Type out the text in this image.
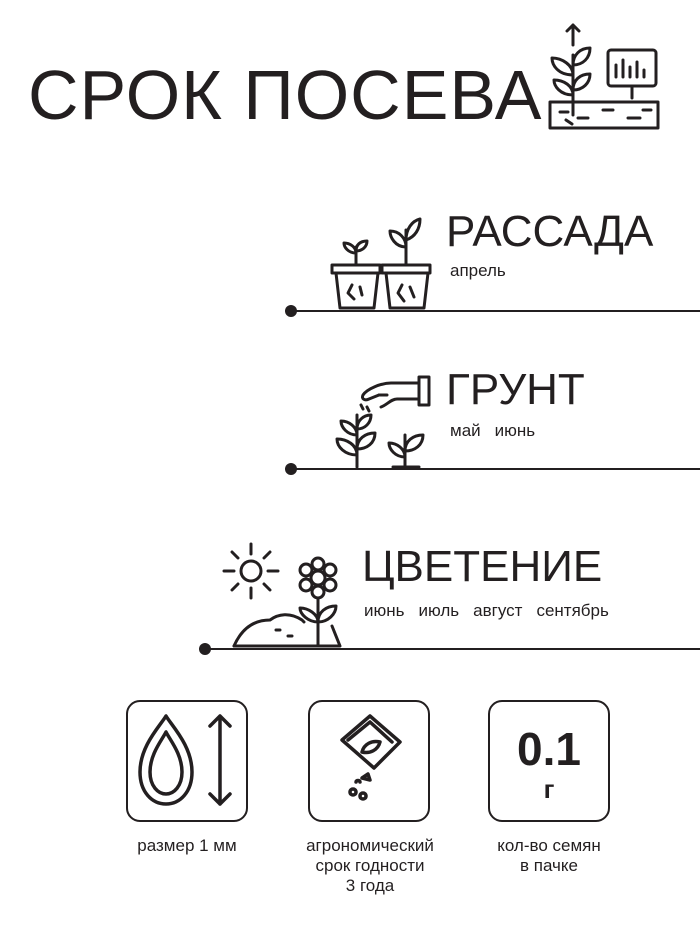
СРОК ПОСЕВА
РАССАДА
апрель
ГРУНТ
май июнь
ЦВЕТЕНИЕ
июнь июль август сентябрь
размер 1 мм	агрономический
срок годности
3 года
0.1
г
кол-во семян
в пачке
